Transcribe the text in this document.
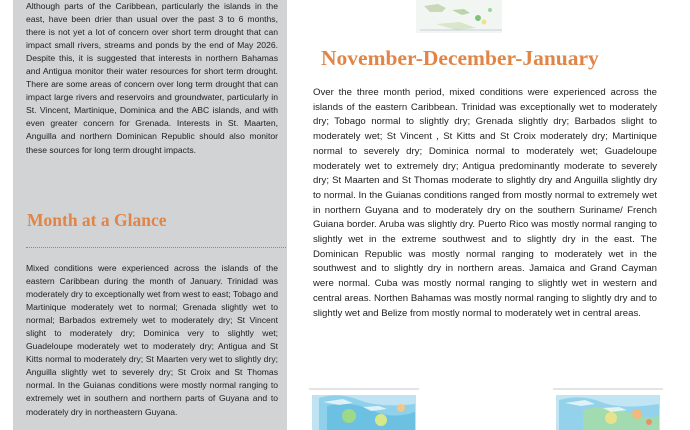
Although parts of the Caribbean, particularly the islands in the east, have been drier than usual over the past 3 to 6 months, there is not yet a lot of concern over short term drought that can impact small rivers, streams and ponds by the end of May 2026. Despite this, it is suggested that interests in northern Bahamas and Antigua monitor their water resources for short term drought. There are some areas of concern over long term drought that can impact large rivers and reservoirs and groundwater, particularly in St. Vincent, Martinique, Dominica and the ABC islands, and with even greater concern for Grenada. Interests in St. Maarten, Anguilla and northern Dominican Republic should also monitor these sources for long term drought impacts.

Month at a Glance

Mixed conditions were experienced across the islands of the eastern Caribbean during the month of January. Trinidad was moderately dry to exceptionally wet from west to east; Tobago and Martinique moderately wet to normal; Grenada slightly wet to normal; Barbados extremely wet to moderately dry; St Vincent slight to moderately dry; Dominica very to slightly wet; Guadeloupe moderately wet to moderately dry; Antigua and St Kitts normal to moderately dry; St Maarten very wet to slightly dry; Anguilla slightly wet to severely dry; St Croix and St Thomas normal. In the Guianas conditions were mostly normal ranging to extremely wet in southern and northern parts of Guyana and to moderately dry in northeastern Guyana.

November-December-January

Over the three month period, mixed conditions were experienced across the islands of the eastern Caribbean. Trinidad was exceptionally wet to moderately dry; Tobago normal to slightly dry; Grenada slightly dry; Barbados slight to moderately wet; St Vincent , St Kitts and St Croix moderately dry; Martinique normal to severely dry; Dominica normal to moderately wet; Guadeloupe moderately wet to extremely dry; Antigua predominantly moderate to severely dry; St Maarten and St Thomas moderate to slightly dry and Anguilla slightly dry to normal. In the Guianas conditions ranged from mostly normal to extremely wet in northern Guyana and to moderately dry on the southern Suriname/ French Guiana border. Aruba was slightly dry. Puerto Rico was mostly normal ranging to slightly wet in the extreme southwest and to slightly dry in the east. The Dominican Republic was mostly normal ranging to moderately wet in the southwest and to slightly dry in northern areas. Jamaica and Grand Cayman were normal. Cuba was mostly normal ranging to slightly wet in western and central areas. Northen Bahamas was mostly normal ranging to slightly dry and to slightly wet and Belize from mostly normal to moderately wet in central areas.
